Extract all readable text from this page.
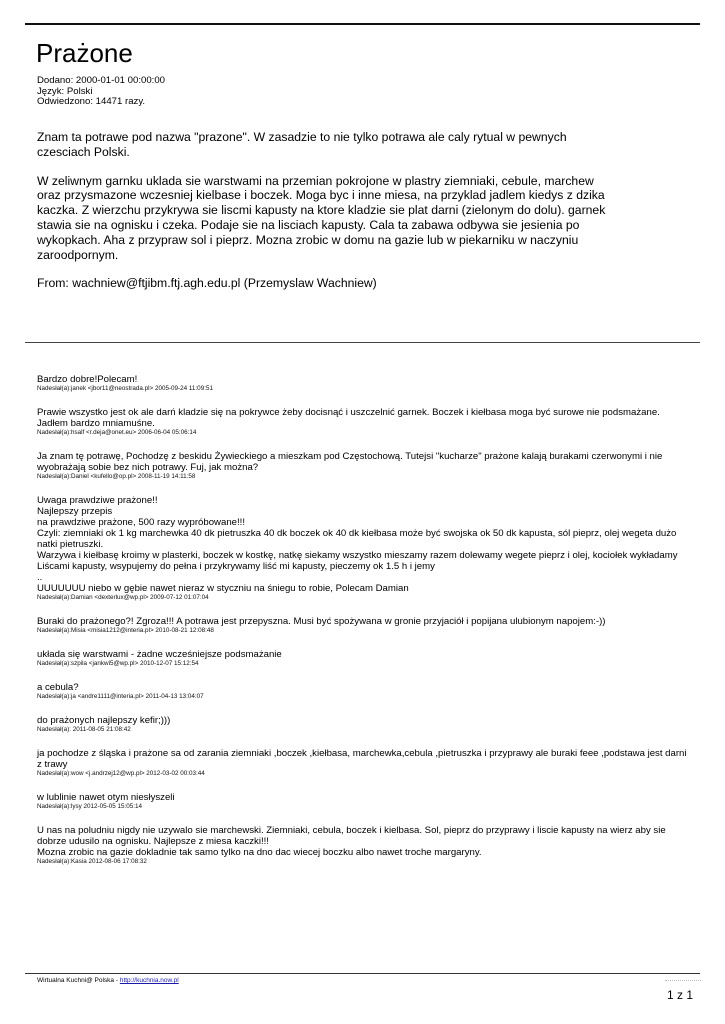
Prażone
Dodano: 2000-01-01 00:00:00
Język: Polski
Odwiedzono: 14471 razy.

Znam ta potrawe pod nazwa "prazone". W zasadzie to nie tylko potrawa ale caly rytual w pewnych czesciach Polski.

W zeliwnym garnku uklada sie warstwami na przemian pokrojone w plastry ziemniaki, cebule, marchew oraz przysmazone wczesniej kielbase i boczek. Moga byc i inne miesa, na przyklad jadlem kiedys z dzika kaczka. Z wierzchu przykrywa sie liscmi kapusty na ktore kladzie sie plat darni (zielonym do dolu). garnek stawia sie na ognisku i czeka. Podaje sie na lisciach kapusty. Cala ta zabawa odbywa sie jesienia po wykopkach. Aha z przypraw sol i pieprz. Mozna zrobic w domu na gazie lub w piekarniku w naczyniu zaroodpornym.

From: wachniew@ftjibm.ftj.agh.edu.pl (Przemyslaw Wachniew)

Bardzo dobre!Polecam!
Nadesłał(a):janek <jbor11@neostrada.pl> 2005-09-24 11:09:51
Prawie wszystko jest ok ale darń kladzie się na pokrywce żeby docisnąć i uszczelnić garnek. Boczek i kiełbasa moga być surowe nie podsmażane. Jadłem bardzo mniamuśne.
Nadesłał(a):hsalf <r.deja@onet.eu> 2006-06-04 05:06:14
Ja znam tę potrawę, Pochodzę z beskidu Żywieckiego a mieszkam pod Częstochową. Tutejsi "kucharze" prażone kalają burakami czerwonymi i nie wyobrażają sobie bez nich potrawy. Fuj, jak można?
Nadesłał(a):Daniel <kufello@op.pl> 2008-11-19 14:11:58
Uwaga prawdziwe prażone!!
Najlepszy przepis
na prawdziwe prażone, 500 razy wypróbowane!!!
Czyli: ziemniaki ok 1 kg marchewka 40 dk pietruszka 40 dk boczek ok 40 dk kiełbasa może być swojska ok 50 dk kapusta, sól pieprz, olej wegeta dużo natki pietruszki.
Warzywa i kiełbasę kroimy w plasterki, boczek w kostkę, natkę siekamy wszystko mieszamy razem dolewamy wegete pieprz i olej, kociołek wykładamy Liścami kapusty, wsypujemy do pełna i przykrywamy liść mi kapusty, pieczemy ok 1.5 h i jemy
..
UUUUUUU niebo w gębie nawet nieraz w styczniu na śniegu to robie, Polecam Damian
Nadesłał(a):Damian <dexterlux@wp.pl> 2009-07-12 01:07:04
Buraki do prażonego?! Zgroza!!! A potrawa jest przepyszna. Musi być spożywana w gronie przyjaciół i popijana ulubionym napojem:-))
Nadesłał(a):Misia <misia1212@interia.pl> 2010-08-21 12:08:48
układa się warstwami - żadne wcześniejsze podsmażanie
Nadesłał(a):szpila <jankwi5@wp.pl> 2010-12-07 15:12:54
a cebula?
Nadesłał(a):ja <andre1111@interia.pl> 2011-04-13 13:04:07
do prażonych najlepszy kefir;)))
Nadesłał(a): 2011-08-05 21:08:42
ja pochodze z śląska i prażone sa od zarania ziemniaki ,boczek ,kiełbasa, marchewka,cebula ,pietruszka i przyprawy ale buraki feee ,podstawa jest darni z trawy
Nadesłał(a):wow <j.andrzej12@wp.pl> 2012-03-02 00:03:44
w lublinie nawet otym niesłyszeli
Nadesłał(a):lysy 2012-05-05 15:05:14
U nas na poludniu nigdy nie uzywalo sie marchewski. Ziemniaki, cebula, boczek i kielbasa. Sol, pieprz do przyprawy i liscie kapusty na wierz aby sie dobrze udusilo na ognisku. Najlepsze z miesa kaczki!!!
Mozna zrobic na gazie dokladnie tak samo tylko na dno dac wiecej boczku albo nawet troche margaryny.

Nadesłał(a):Kasia 2012-08-06 17:08:32
Wirtualna Kuchni@ Polska - http://kuchnia.now.pl
1 z 1
